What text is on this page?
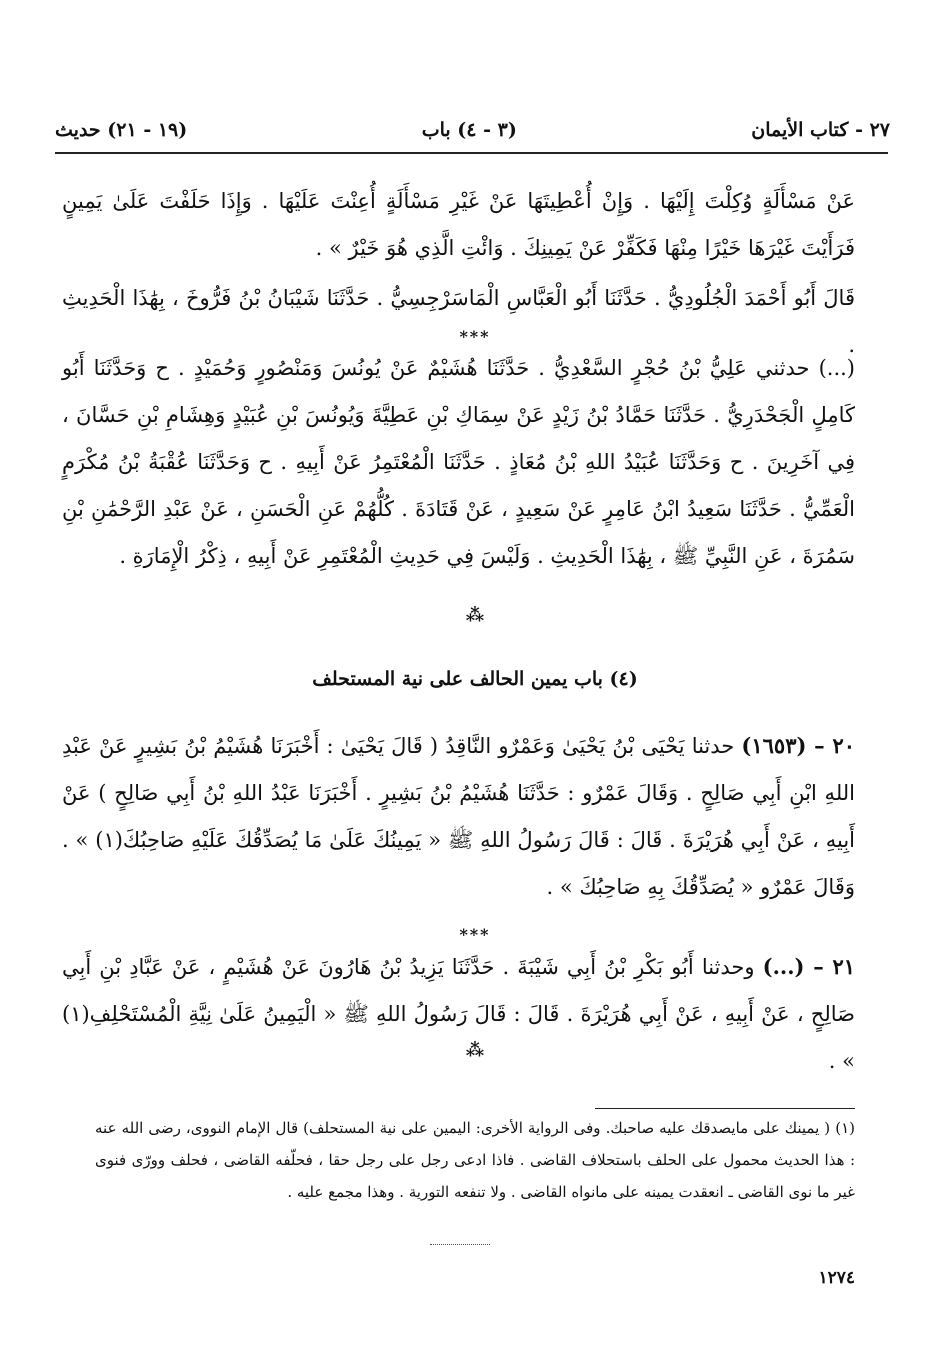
٢٧ - كتاب الأيمان
(٣ - ٤) باب
(١٩ - ٢١) حديث
عَنْ مَسْأَلَةٍ وُكِلْتَ إِلَيْهَا . وَإِنْ أُعْطِيتَهَا عَنْ غَيْرِ مَسْأَلَةٍ أُعِنْتَ عَلَيْهَا . وَإِذَا حَلَفْتَ عَلَىٰ يَمِينٍ فَرَأَيْتَ غَيْرَهَا خَيْرًا مِنْهَا فَكَفِّرْ عَنْ يَمِينِكَ . وَائْتِ الَّذِي هُوَ خَيْرٌ » .
قَالَ أَبُو أَحْمَدَ الْجُلُودِيُّ . حَدَّثَنَا أَبُو الْعَبَّاسِ الْمَاسَرْجِسِيُّ . حَدَّثَنَا شَيْبَانُ بْنُ فَرُّوخَ ، بِهَٰذَا الْحَدِيثِ .
***
(...) حدثني عَلِيُّ بْنُ حُجْرٍ السَّعْدِيُّ . حَدَّثَنَا هُشَيْمٌ عَنْ يُونُسَ وَمَنْصُورٍ وَحُمَيْدٍ . ح وَحَدَّثَنَا أَبُو كَامِلٍ الْجَحْدَرِيُّ . حَدَّثَنَا حَمَّادُ بْنُ زَيْدٍ عَنْ سِمَاكِ بْنِ عَطِيَّةَ وَيُونُسَ بْنِ عُبَيْدٍ وَهِشَامِ بْنِ حَسَّانَ ، فِي آخَرِينَ . ح وَحَدَّثَنَا عُبَيْدُ اللهِ بْنُ مُعَاذٍ . حَدَّثَنَا الْمُعْتَمِرُ عَنْ أَبِيهِ . ح وَحَدَّثَنَا عُقْبَةُ بْنُ مُكْرَمٍ الْعَمِّيُّ . حَدَّثَنَا سَعِيدُ ابْنُ عَامِرٍ عَنْ سَعِيدٍ ، عَنْ قَتَادَةَ . كُلُّهُمْ عَنِ الْحَسَنِ ، عَنْ عَبْدِ الرَّحْمَٰنِ بْنِ سَمُرَةَ ، عَنِ النَّبِيِّ ﷺ ، بِهَٰذَا الْحَدِيثِ . وَلَيْسَ فِي حَدِيثِ الْمُعْتَمِرِ عَنْ أَبِيهِ ، ذِكْرُ الْإِمَارَةِ .
⁂
(٤) باب يمين الحالف على نية المستحلف
٢٠ – (١٦٥٣) حدثنا يَحْيَى بْنُ يَحْيَىٰ وَعَمْرٌو النَّاقِدُ ( قَالَ يَحْيَىٰ : أَخْبَرَنَا هُشَيْمُ بْنُ بَشِيرٍ عَنْ عَبْدِ اللهِ ابْنِ أَبِي صَالِحٍ . وَقَالَ عَمْرٌو : حَدَّثَنَا هُشَيْمُ بْنُ بَشِيرٍ . أَخْبَرَنَا عَبْدُ اللهِ بْنُ أَبِي صَالِحٍ ) عَنْ أَبِيهِ ، عَنْ أَبِي هُرَيْرَةَ . قَالَ : قَالَ رَسُولُ اللهِ ﷺ « يَمِينُكَ عَلَىٰ مَا يُصَدِّقُكَ عَلَيْهِ صَاحِبُكَ(١) » . وَقَالَ عَمْرٌو « يُصَدِّقُكَ بِهِ صَاحِبُكَ » .
***
٢١ – (...) وحدثنا أَبُو بَكْرِ بْنُ أَبِي شَيْبَةَ . حَدَّثَنَا يَزِيدُ بْنُ هَارُونَ عَنْ هُشَيْمٍ ، عَنْ عَبَّادِ بْنِ أَبِي صَالِحٍ ، عَنْ أَبِيهِ ، عَنْ أَبِي هُرَيْرَةَ . قَالَ : قَالَ رَسُولُ اللهِ ﷺ « الْيَمِينُ عَلَىٰ نِيَّةِ الْمُسْتَحْلِفِ(١) » .
⁂
(١) ( يمينك على مايصدقك عليه صاحبك. وفى الرواية الأخرى: اليمين على نية المستحلف) قال الإمام النووى، رضى الله عنه : هذا الحديث محمول على الحلف باستحلاف القاضى . فاذا ادعى رجل على رجل حقا ، فحلّفه القاضى ، فحلف وورّى فنوى غير ما نوى القاضى ـ انعقدت يمينه على مانواه القاضى . ولا تنفعه التورية . وهذا مجمع عليه .
١٢٧٤
